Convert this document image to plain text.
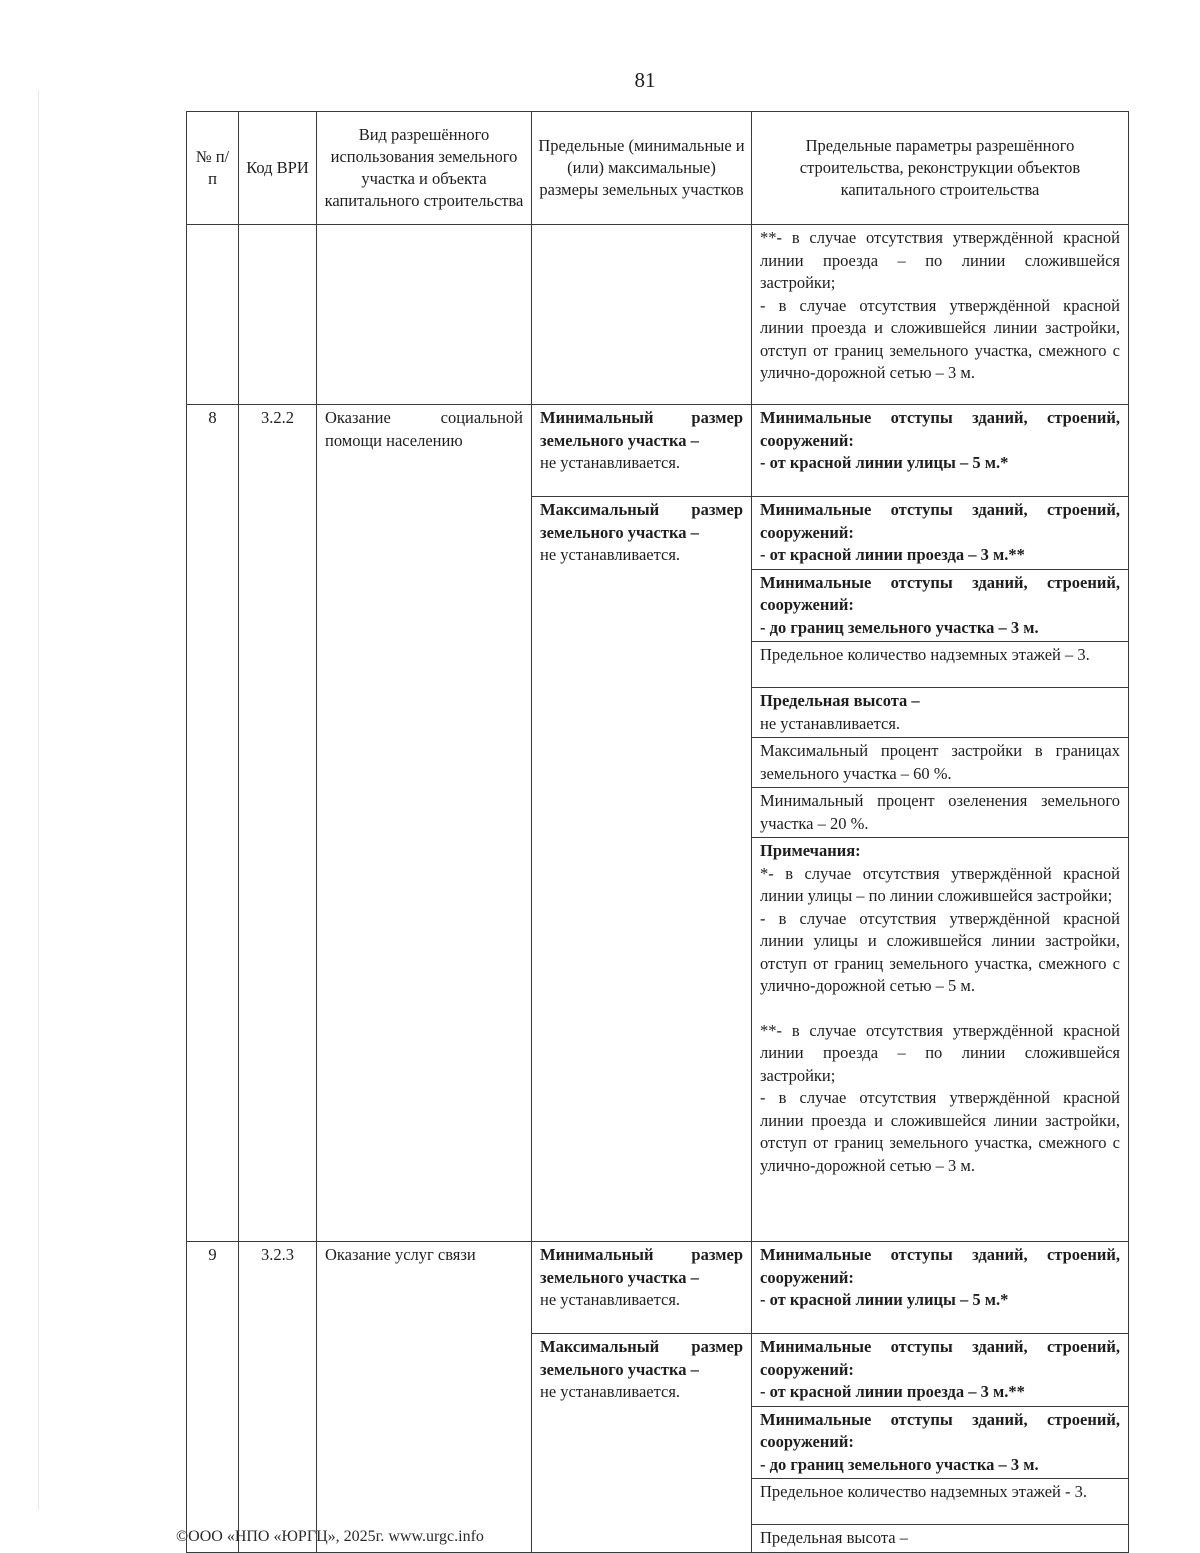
81
№ п/п	Код ВРИ	Вид разрешённого использования земельного участка и объекта капитального строительства	Предельные (минимальные и (или) максимальные) размеры земельных участков	Предельные параметры разрешённого строительства, реконструкции объектов капитального строительства

				**- в случае отсутствия утверждённой красной линии проезда – по линии сложившейся застройки;
- в случае отсутствия утверждённой красной линии проезда и сложившейся линии застройки, отступ от границ земельного участка, смежного с улично-дорожной сетью – 3 м.

8	3.2.2	Оказание социальной помощи населению	Минимальный размер земельного участка –
не устанавливается.	Минимальные отступы зданий, строений, сооружений:
- от красной линии улицы – 5 м.*

			Максимальный размер земельного участка –
не устанавливается.	Минимальные отступы зданий, строений, сооружений:
- от красной линии проезда – 3 м.**

				Минимальные отступы зданий, строений, сооружений:
- до границ земельного участка – 3 м.

				Предельное количество надземных этажей – 3.

				Предельная высота –
не устанавливается.

				Максимальный процент застройки в границах земельного участка – 60 %.
				Минимальный процент озеленения земельного участка – 20 %.

				Примечания:
*- в случае отсутствия утверждённой красной линии улицы – по линии сложившейся застройки;
- в случае отсутствия утверждённой красной линии улицы и сложившейся линии застройки, отступ от границ земельного участка, смежного с улично-дорожной сетью – 5 м.
**- в случае отсутствия утверждённой красной линии проезда – по линии сложившейся застройки;
- в случае отсутствия утверждённой красной линии проезда и сложившейся линии застройки, отступ от границ земельного участка, смежного с улично-дорожной сетью – 3 м.

9	3.2.3	Оказание услуг связи	Минимальный размер земельного участка –
не устанавливается.	Минимальные отступы зданий, строений, сооружений:
- от красной линии улицы – 5 м.*

			Максимальный размер земельного участка –
не устанавливается.	Минимальные отступы зданий, строений, сооружений:
- от красной линии проезда – 3 м.**

				Минимальные отступы зданий, строений, сооружений:
- до границ земельного участка – 3 м.

				Предельное количество надземных этажей - 3.
				Предельная высота –

©ООО «НПО «ЮРГЦ», 2025г. www.urgc.info
